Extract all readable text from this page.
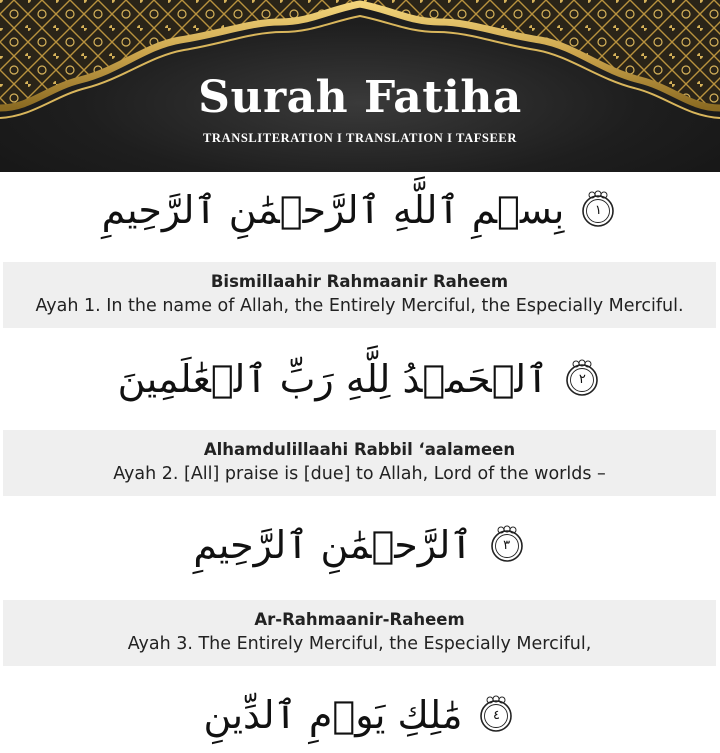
Surah Fatiha
TRANSLITERATION I TRANSLATION I TAFSEER
بِسۡمِ ٱللَّهِ ٱلرَّحۡمَٰنِ ٱلرَّحِيمِ	١
Bismillaahir Rahmaanir Raheem
Ayah 1. In the name of Allah, the Entirely Merciful, the Especially Merciful.
ٱلۡحَمۡدُ لِلَّهِ رَبِّ ٱلۡعَٰلَمِينَ	٢
Alhamdulillaahi Rabbil ‘aalameen
Ayah 2. [All] praise is [due] to Allah, Lord of the worlds –
ٱلرَّحۡمَٰنِ ٱلرَّحِيمِ	٣
Ar-Rahmaanir-Raheem
Ayah 3. The Entirely Merciful, the Especially Merciful,
مَٰلِكِ يَوۡمِ ٱلدِّينِ	٤
